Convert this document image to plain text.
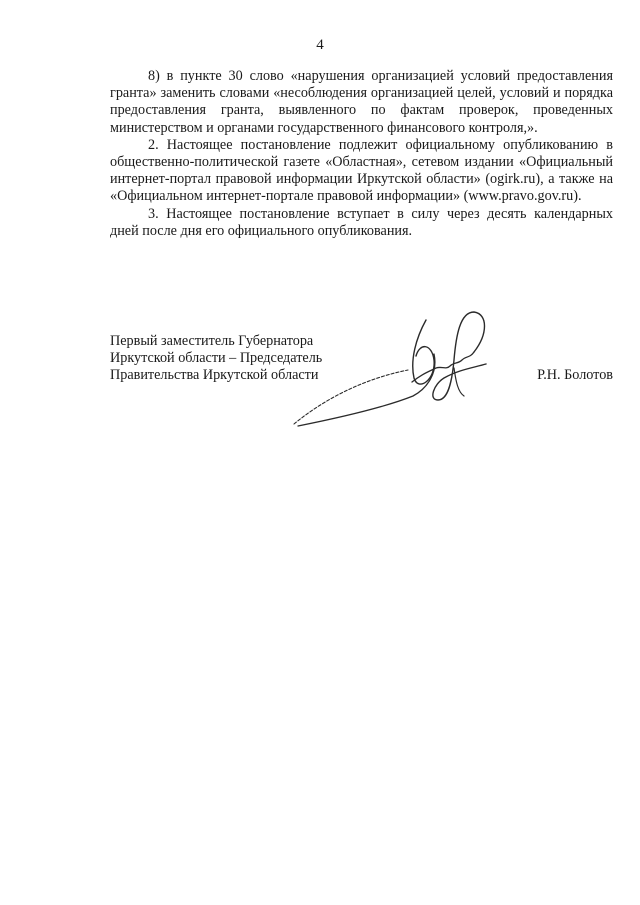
4

8) в пункте 30 слово «нарушения организацией условий предоставления гранта» заменить словами «несоблюдения организацией целей, условий и порядка предоставления гранта, выявленного по фактам проверок, проведенных министерством и органами государственного финансового контроля,».

2. Настоящее постановление подлежит официальному опубликованию в общественно-политической газете «Областная», сетевом издании «Официальный интернет-портал правовой информации Иркутской области» (ogirk.ru), а также на «Официальном интернет-портале правовой информации» (www.pravo.gov.ru).

3. Настоящее постановление вступает в силу через десять календарных дней после дня его официального опубликования.

Первый заместитель Губернатора
Иркутской области – Председатель
Правительства Иркутской области	Р.Н. Болотов
